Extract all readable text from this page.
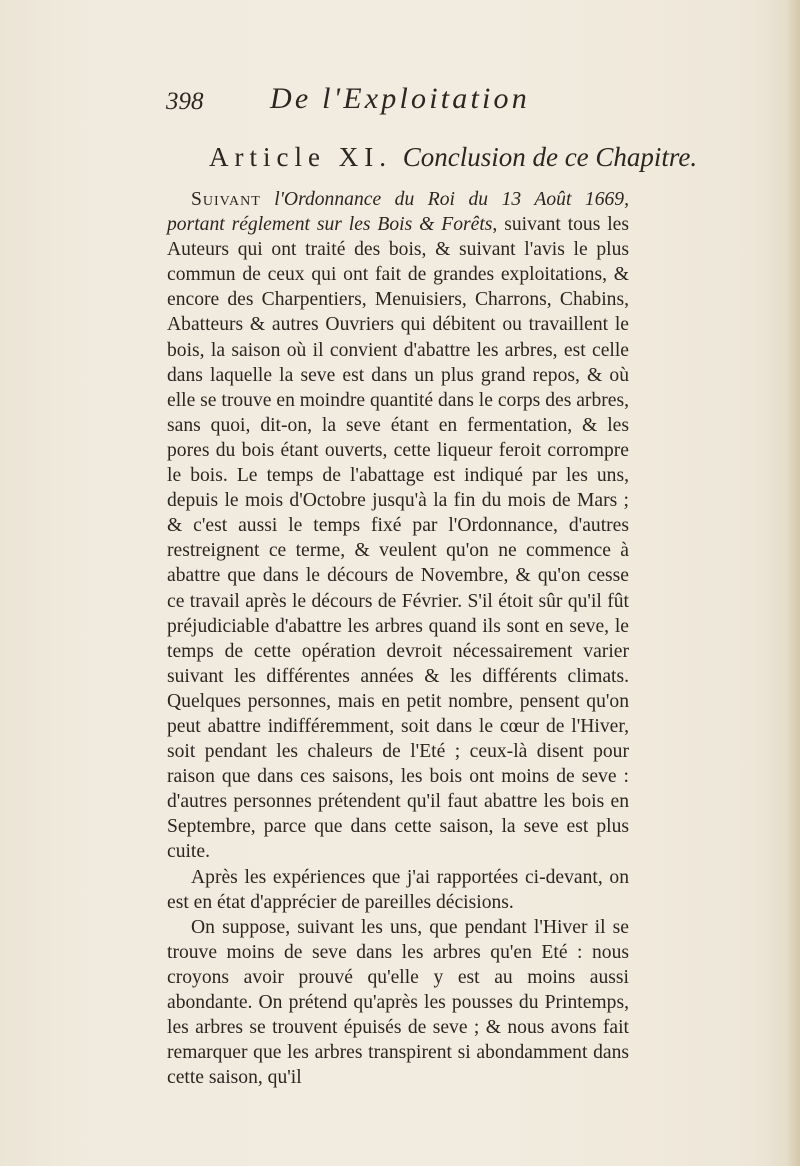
398 De l'Exploitation
Article XI. Conclusion de ce Chapitre.

Suivant l'Ordonnance du Roi du 13 Août 1669, portant réglement sur les Bois & Forêts, suivant tous les Auteurs qui ont traité des bois, & suivant l'avis le plus commun de ceux qui ont fait de grandes exploitations, & encore des Charpentiers, Menuisiers, Charrons, Chabins, Abatteurs & autres Ouvriers qui débitent ou travaillent le bois, la saison où il convient d'abattre les arbres, est celle dans laquelle la seve est dans un plus grand repos, & où elle se trouve en moindre quantité dans le corps des arbres, sans quoi, dit-on, la seve étant en fermentation, & les pores du bois étant ouverts, cette liqueur feroit corrompre le bois. Le temps de l'abattage est indiqué par les uns, depuis le mois d'Octobre jusqu'à la fin du mois de Mars ; & c'est aussi le temps fixé par l'Ordonnance, d'autres restreignent ce terme, & veulent qu'on ne commence à abattre que dans le décours de Novembre, & qu'on cesse ce travail après le décours de Février. S'il étoit sûr qu'il fût préjudiciable d'abattre les arbres quand ils sont en seve, le temps de cette opération devroit nécessairement varier suivant les différentes années & les différents climats. Quelques personnes, mais en petit nombre, pensent qu'on peut abattre indifféremment, soit dans le cœur de l'Hiver, soit pendant les chaleurs de l'Eté ; ceux-là disent pour raison que dans ces saisons, les bois ont moins de seve : d'autres personnes prétendent qu'il faut abattre les bois en Septembre, parce que dans cette saison, la seve est plus cuite.

Après les expériences que j'ai rapportées ci-devant, on est en état d'apprécier de pareilles décisions.

On suppose, suivant les uns, que pendant l'Hiver il se trouve moins de seve dans les arbres qu'en Eté : nous croyons avoir prouvé qu'elle y est au moins aussi abondante. On prétend qu'après les pousses du Printemps, les arbres se trouvent épuisés de seve ; & nous avons fait remarquer que les arbres transpirent si abondamment dans cette saison, qu'il
